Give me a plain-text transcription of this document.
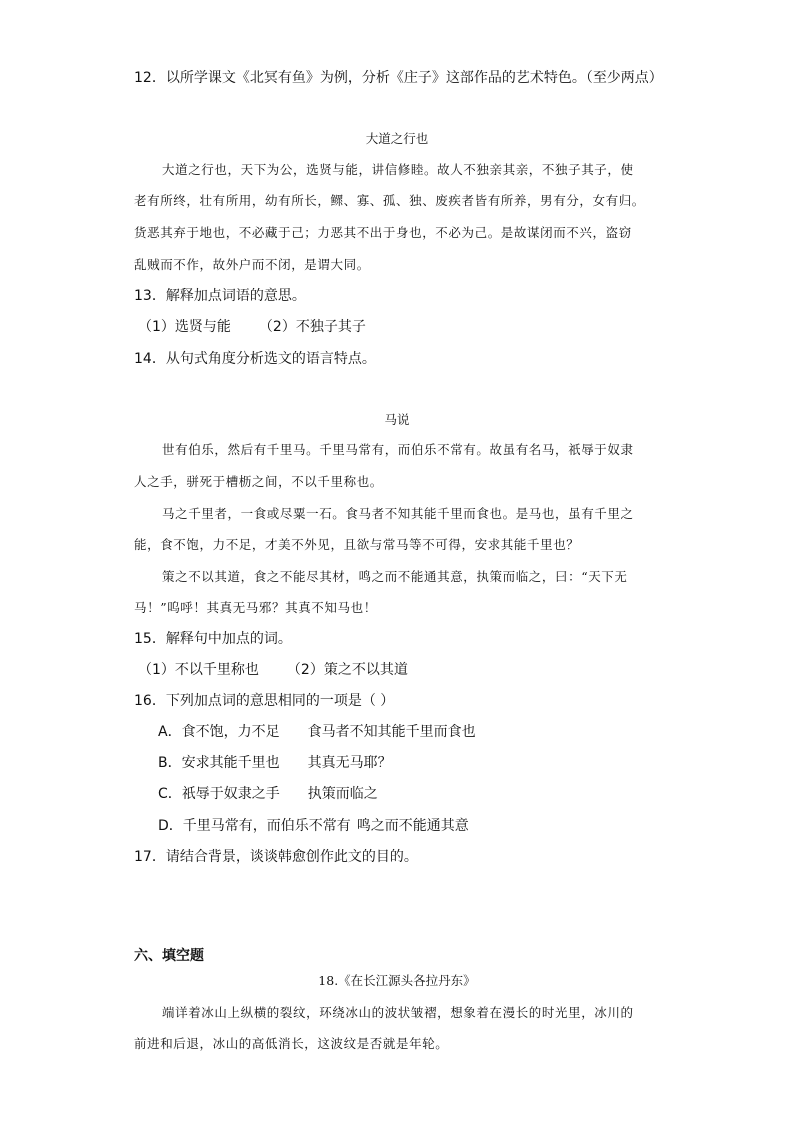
12．以所学课文《北冥有鱼》为例，分析《庄子》这部作品的艺术特色。（至少两点）
大道之行也
大道之行也，天下为公，选贤与能，讲信修睦。故人不独亲其亲，不独子其子，使
老有所终，壮有所用，幼有所长，鳏、寡、孤、独、废疾者皆有所养，男有分，女有归。
货恶其弃于地也，不必藏于己；力恶其不出于身也，不必为己。是故谋闭而不兴，盗窃
乱贼而不作，故外户而不闭，是谓大同。
13．解释加点词语的意思。
（1）选贤与能 （2）不独子其子
14．从句式角度分析选文的语言特点。
马说
世有伯乐，然后有千里马。千里马常有，而伯乐不常有。故虽有名马，祇辱于奴隶
人之手，骈死于槽枥之间，不以千里称也。
马之千里者，一食或尽粟一石。食马者不知其能千里而食也。是马也，虽有千里之
能，食不饱，力不足，才美不外见，且欲与常马等不可得，安求其能千里也？
策之不以其道，食之不能尽其材，鸣之而不能通其意，执策而临之，曰：“天下无
马！”呜呼！其真无马邪？其真不知马也！
15．解释句中加点的词。
（1）不以千里称也 （2）策之不以其道
16．下列加点词的意思相同的一项是（ ）
A．食不饱，力不足 食马者不知其能千里而食也
B．安求其能千里也 其真无马耶？
C．祇辱于奴隶之手 执策而临之
D．千里马常有，而伯乐不常有 鸣之而不能通其意
17．请结合背景，谈谈韩愈创作此文的目的。
六、填空题
18.《在长江源头各拉丹东》
端详着冰山上纵横的裂纹，环绕冰山的波状皱褶，想象着在漫长的时光里，冰川的
前进和后退，冰山的高低消长，这波纹是否就是年轮。
